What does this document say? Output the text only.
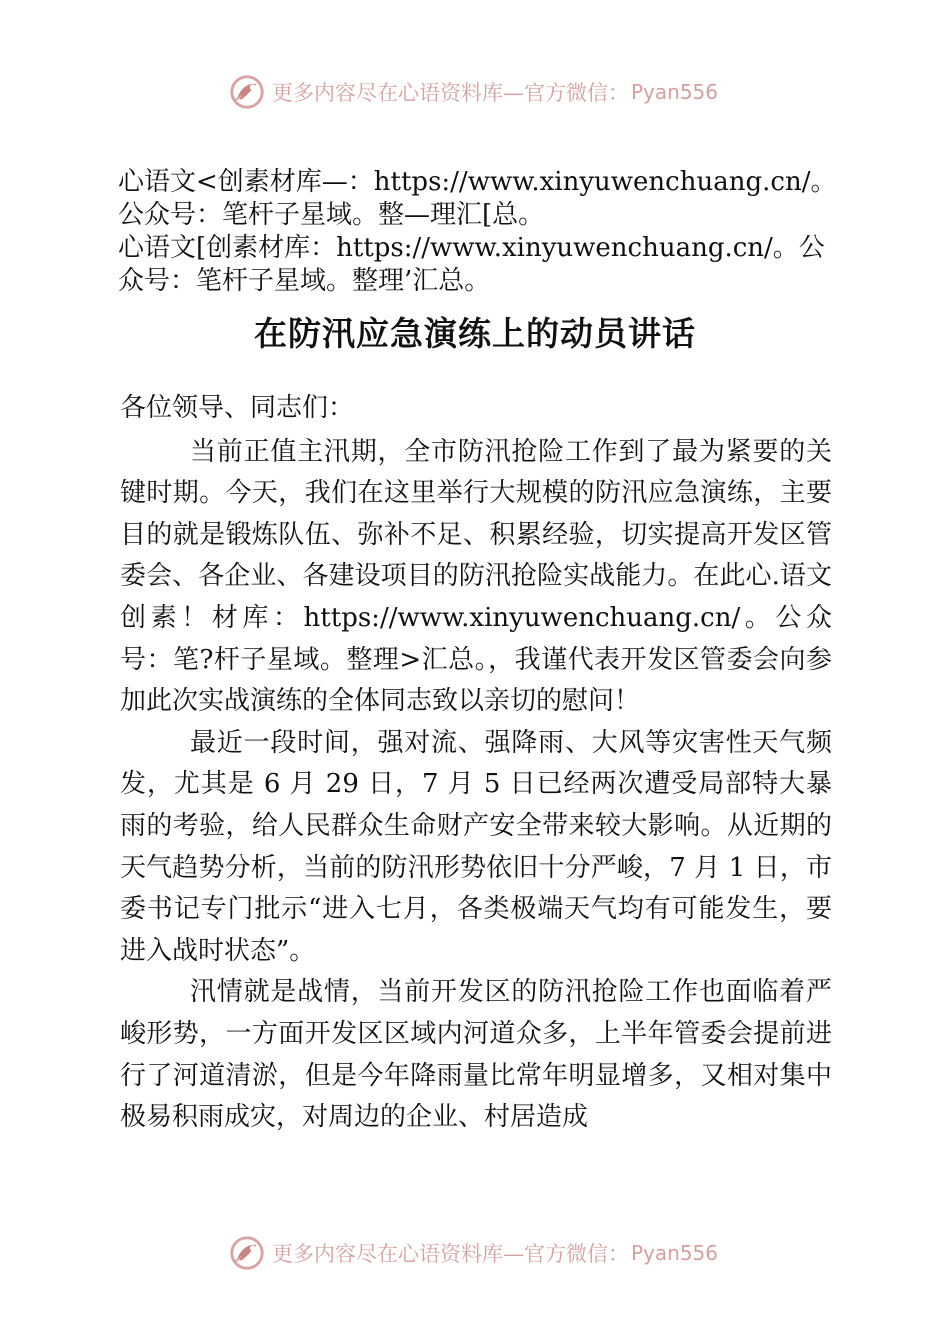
更多内容尽在心语资料库—官方微信： Pyan556

心语文<创素材库—：https://www.xinyuwenchuang.cn/。

公众号：笔杆子星域。整—理汇[总。

心语文[创素材库：https://www.xinyuwenchuang.cn/。公

众号：笔杆子星域。整理’汇总。

在防汛应急演练上的动员讲话

各位领导、同志们：

当前正值主汛期，全市防汛抢险工作到了最为紧要的关键时期。今天，我们在这里举行大规模的防汛应急演练，主要目的就是锻炼队伍、弥补不足、积累经验，切实提高开发区管委会、各企业、各建设项目的防汛抢险实战能力。在此心.语文创素！材库：https://www.xinyuwenchuang.cn/。公众号：笔?杆子星域。整理>汇总。，我谨代表开发区管委会向参加此次实战演练的全体同志致以亲切的慰问！

最近一段时间，强对流、强降雨、大风等灾害性天气频发，尤其是 6 月 29 日，7 月 5 日已经两次遭受局部特大暴雨的考验，给人民群众生命财产安全带来较大影响。从近期的天气趋势分析，当前的防汛形势依旧十分严峻，7 月 1 日，市委书记专门批示“进入七月，各类极端天气均有可能发生，要进入战时状态”。

汛情就是战情，当前开发区的防汛抢险工作也面临着严峻形势，一方面开发区区域内河道众多，上半年管委会提前进行了河道清淤，但是今年降雨量比常年明显增多，又相对集中极易积雨成灾，对周边的企业、村居造成

更多内容尽在心语资料库—官方微信： Pyan556
